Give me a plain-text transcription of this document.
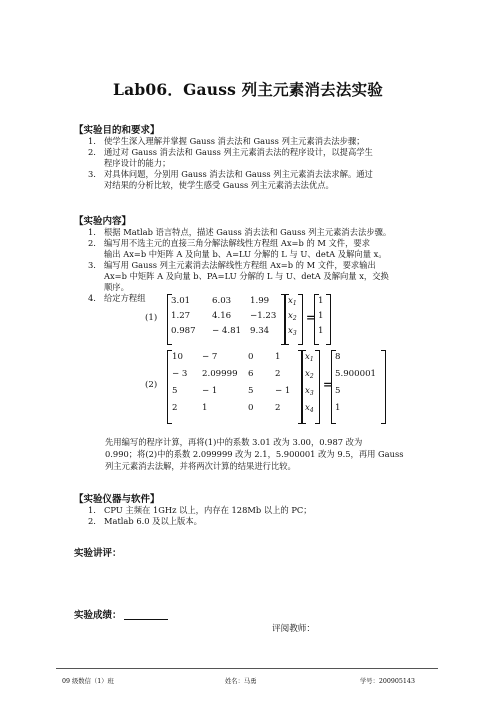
Lab06．Gauss 列主元素消去法实验
【实验目的和要求】
1. 使学生深入理解并掌握 Gauss 消去法和 Gauss 列主元素消去法步骤；
2. 通过对 Gauss 消去法和 Gauss 列主元素消去法的程序设计，以提高学生
程序设计的能力；
3. 对具体问题，分别用 Gauss 消去法和 Gauss 列主元素消去法求解。通过
对结果的分析比较，使学生感受 Gauss 列主元素消去法优点。
【实验内容】
1. 根据 Matlab 语言特点，描述 Gauss 消去法和 Gauss 列主元素消去法步骤。
2. 编写用不选主元的直接三角分解法解线性方程组 Ax=b 的 M 文件，要求
输出 Ax=b 中矩阵 A 及向量 b、A=LU 分解的 L 与 U、detA 及解向量 x。
3. 编写用 Gauss 列主元素消去法解线性方程组 Ax=b 的 M 文件，要求输出
Ax=b 中矩阵 A 及向量 b、PA=LU 分解的 L 与 U、detA 及解向量 x，交换
顺序。
4. 给定方程组
(1)
3.01	6.03 1.99
1.27	4.16 −1.23
0.987 − 4.81 9.34
$x_1$
$x_2$
$x_3$
=
1
1
1
(2)
10 − 7	0	1
− 3 2.09999 6	2
5	− 1	5	− 1
2	1	0	2
$x_1$
$x_2$
$x_3$
$x_4$
=
8
5.900001
5
1
先用编写的程序计算，再将(1)中的系数 3.01 改为 3.00，0.987 改为
0.990；将(2)中的系数 2.099999 改为 2.1，5.900001 改为 9.5，再用 Gauss
列主元素消去法解，并将两次计算的结果进行比较。
【实验仪器与软件】
1. CPU 主频在 1GHz 以上，内存在 128Mb 以上的 PC；
2. Matlab 6.0 及以上版本。
实验讲评：
实验成绩：
评阅教师：
09 级数信（1）班	姓名：马勇	学号：200905143
